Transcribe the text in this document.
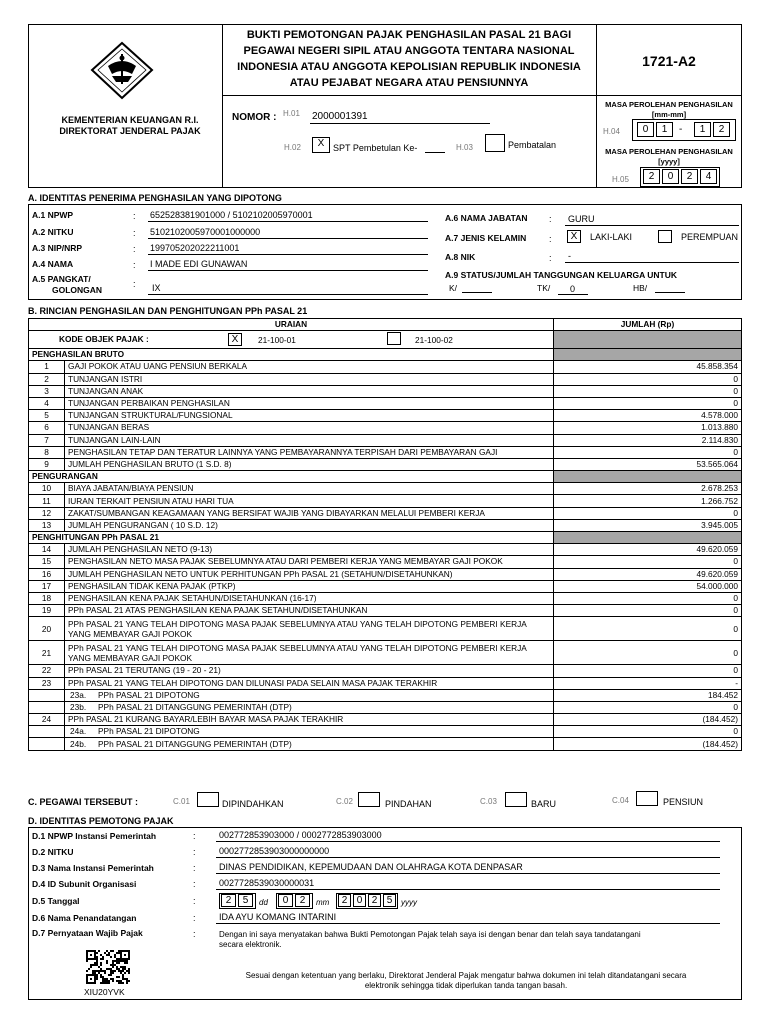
KEMENTERIAN KEUANGAN R.I.
DIREKTORAT JENDERAL PAJAK
BUKTI PEMOTONGAN PAJAK PENGHASILAN PASAL 21 BAGI
PEGAWAI NEGERI SIPIL ATAU ANGGOTA TENTARA NASIONAL
INDONESIA ATAU ANGGOTA KEPOLISIAN REPUBLIK INDONESIA
ATAU PEJABAT NEGARA ATAU PENSIUNNYA
1721-A2
NOMOR : H.01 2000001391
H.02	X SPT Pembetulan Ke-	H.03	Pembatalan
MASA PEROLEHAN PENGHASILAN
[mm-mm]
H.04	0	1	-	1	2
MASA PEROLEHAN PENGHASILAN
[yyyy]
H.05	2	0	2	4
A. IDENTITAS PENERIMA PENGHASILAN YANG DIPOTONG
A.1 NPWP	: 652528381901000 / 5102102005970001
A.2 NITKU	: 5102102005970001000000
A.3 NIP/NRP	: 199705202022211001
A.4 NAMA	: I MADE EDI GUNAWAN
A.5 PANGKAT/
GOLONGAN
: IX
A.6 NAMA JABATAN : GURU
A.7 JENIS KELAMIN	:	X	LAKI-LAKI	PEREMPUAN
A.8 NIK	: -
A.9 STATUS/JUMLAH TANGGUNGAN KELUARGA UNTUK
K/	TK/ 0	HB/
B. RINCIAN PENGHASILAN DAN PENGHITUNGAN PPh PASAL 21
URAIAN		JUMLAH (Rp)

KODE OBJEK PAJAK : X 21-100-01 21-100-02		

PENGHASILAN BRUTO		
1	GAJI POKOK ATAU UANG PENSIUN BERKALA	45.858.354
2	TUNJANGAN ISTRI	0
3	TUNJANGAN ANAK	0
4	TUNJANGAN PERBAIKAN PENGHASILAN	0
5	TUNJANGAN STRUKTURAL/FUNGSIONAL	4.578.000
6	TUNJANGAN BERAS	1.013.880
7	TUNJANGAN LAIN-LAIN	2.114.830
8	PENGHASILAN TETAP DAN TERATUR LAINNYA YANG PEMBAYARANNYA TERPISAH DARI PEMBAYARAN GAJI	0
9	JUMLAH PENGHASILAN BRUTO (1 S.D. 8)	53.565.064
PENGURANGAN		
10	BIAYA JABATAN/BIAYA PENSIUN	2.678.253
11	IURAN TERKAIT PENSIUN ATAU HARI TUA	1.266.752
12	ZAKAT/SUMBANGAN KEAGAMAAN YANG BERSIFAT WAJIB YANG DIBAYARKAN MELALUI PEMBERI KERJA	0
13	JUMLAH PENGURANGAN ( 10 S.D. 12)	3.945.005
PENGHITUNGAN PPh PASAL 21		
14	JUMLAH PENGHASILAN NETO (9-13)	49.620.059
15	PENGHASILAN NETO MASA PAJAK SEBELUMNYA ATAU DARI PEMBERI KERJA YANG MEMBAYAR GAJI POKOK	0
16	JUMLAH PENGHASILAN NETO UNTUK PERHITUNGAN PPh PASAL 21 (SETAHUN/DISETAHUNKAN)	49.620.059
17	PENGHASILAN TIDAK KENA PAJAK (PTKP)	54.000.000
18	PENGHASILAN KENA PAJAK SETAHUN/DISETAHUNKAN (16-17)	0
19	PPh PASAL 21 ATAS PENGHASILAN KENA PAJAK SETAHUN/DISETAHUNKAN	0
20	PPh PASAL 21 YANG TELAH DIPOTONG MASA PAJAK SEBELUMNYA ATAU YANG TELAH DIPOTONG PEMBERI KERJA YANG MEMBAYAR GAJI POKOK	0
21	PPh PASAL 21 YANG TELAH DIPOTONG MASA PAJAK SEBELUMNYA ATAU YANG TELAH DIPOTONG PEMBERI KERJA YANG MEMBAYAR GAJI POKOK	0
22	PPh PASAL 21 TERUTANG (19 - 20 - 21)	0
23	PPh PASAL 21 YANG TELAH DIPOTONG DAN DILUNASI PADA SELAIN MASA PAJAK TERAKHIR	-
	23a. PPh PASAL 21 DIPOTONG	184.452
	23b. PPh PASAL 21 DITANGGUNG PEMERINTAH (DTP)	0
24	PPh PASAL 21 KURANG BAYAR/LEBIH BAYAR MASA PAJAK TERAKHIR	(184.452)
	24a. PPh PASAL 21 DIPOTONG	0
	24b. PPh PASAL 21 DITANGGUNG PEMERINTAH (DTP)	(184.452)
C. PEGAWAI TERSEBUT :	C.01	DIPINDAHKAN	C.02	PINDAHAN	C.03	BARU	C.04	PENSIUN
D. IDENTITAS PEMOTONG PAJAK
D.1 NPWP Instansi Pemerintah	:	002772853903000 / 0002772853903000
D.2 NITKU	:	0002772853903000000000
D.3 Nama Instansi Pemerintah	:	DINAS PENDIDIKAN, KEPEMUDAAN DAN OLAHRAGA KOTA DENPASAR
D.4 ID Subunit Organisasi	:	0027728539030000031
D.5 Tanggal	:	2	5	dd	0	2	mm	2 0 2 5	yyyy
D.6 Nama Penandatangan	:	IDA AYU KOMANG INTARINI
D.7 Pernyataan Wajib Pajak	:	Dengan ini saya menyatakan bahwa Bukti Pemotongan Pajak telah saya isi dengan benar dan telah saya tandatangani
secara elektronik.
XIU20YVK
Sesuai dengan ketentuan yang berlaku, Direktorat Jenderal Pajak mengatur bahwa dokumen ini telah ditandatangani secara
elektronik sehingga tidak diperlukan tanda tangan basah.
